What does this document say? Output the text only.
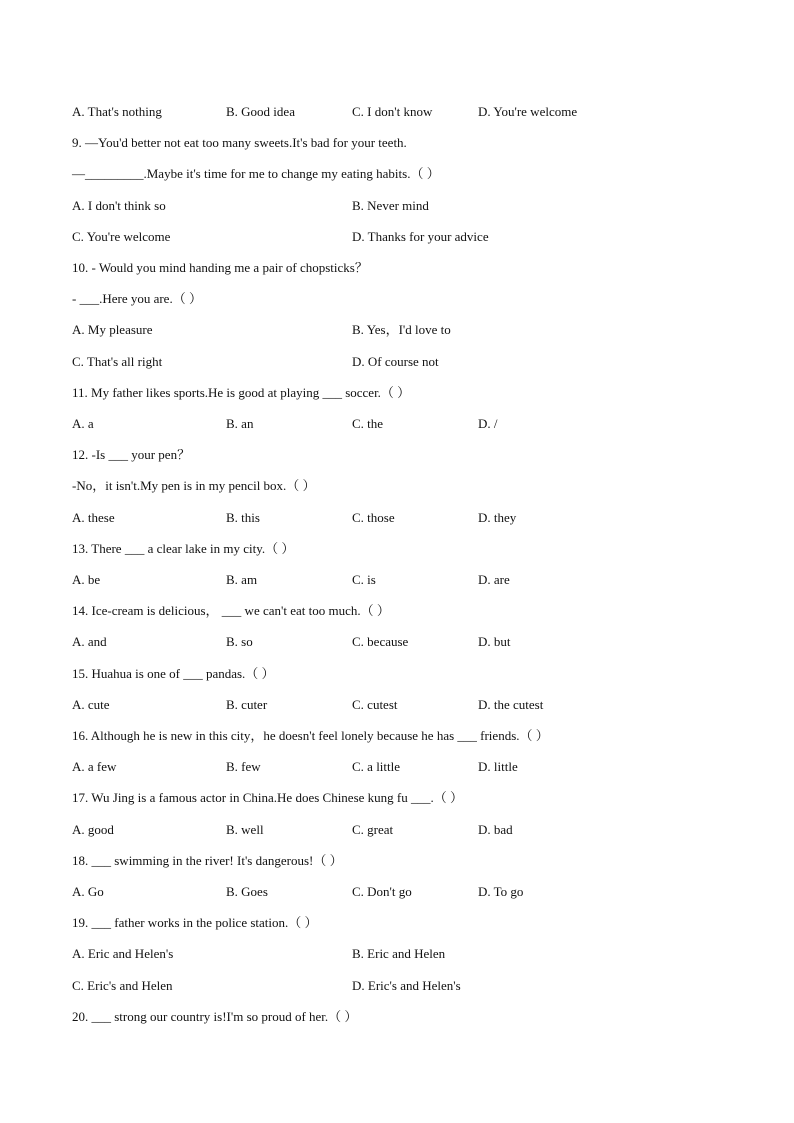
A. That's nothing	B. Good idea	C. I don't know	D. You're welcome
9. —You'd better not eat too many sweets.It's bad for your teeth.
—_________.Maybe it's time for me to change my eating habits.（ ）
A. I don't think so	B. Never mind
C. You're welcome	D. Thanks for your advice
10. - Would you mind handing me a pair of chopsticks？
- ___.Here you are.（ ）
A. My pleasure	B. Yes，I'd love to
C. That's all right	D. Of course not
11. My father likes sports.He is good at playing ___ soccer.（ ）
A. a	B. an	C. the	D. /
12. -Is ___ your pen？
-No，it isn't.My pen is in my pencil box.（ ）
A. these	B. this	C. those	D. they
13. There ___ a clear lake in my city.（ ）
A. be	B. am	C. is	D. are
14. Ice-cream is delicious， ___ we can't eat too much.（ ）
A. and	B. so	C. because	D. but
15. Huahua is one of ___ pandas.（ ）
A. cute	B. cuter	C. cutest	D. the cutest
16. Although he is new in this city，he doesn't feel lonely because he has ___ friends.（ ）
A. a few	B. few	C. a little	D. little
17. Wu Jing is a famous actor in China.He does Chinese kung fu ___.（ ）
A. good	B. well	C. great	D. bad
18. ___ swimming in the river! It's dangerous!（ ）
A. Go	B. Goes	C. Don't go	D. To go
19. ___ father works in the police station.（ ）
A. Eric and Helen's	B. Eric and Helen
C. Eric's and Helen	D. Eric's and Helen's
20. ___ strong our country is!I'm so proud of her.（ ）
